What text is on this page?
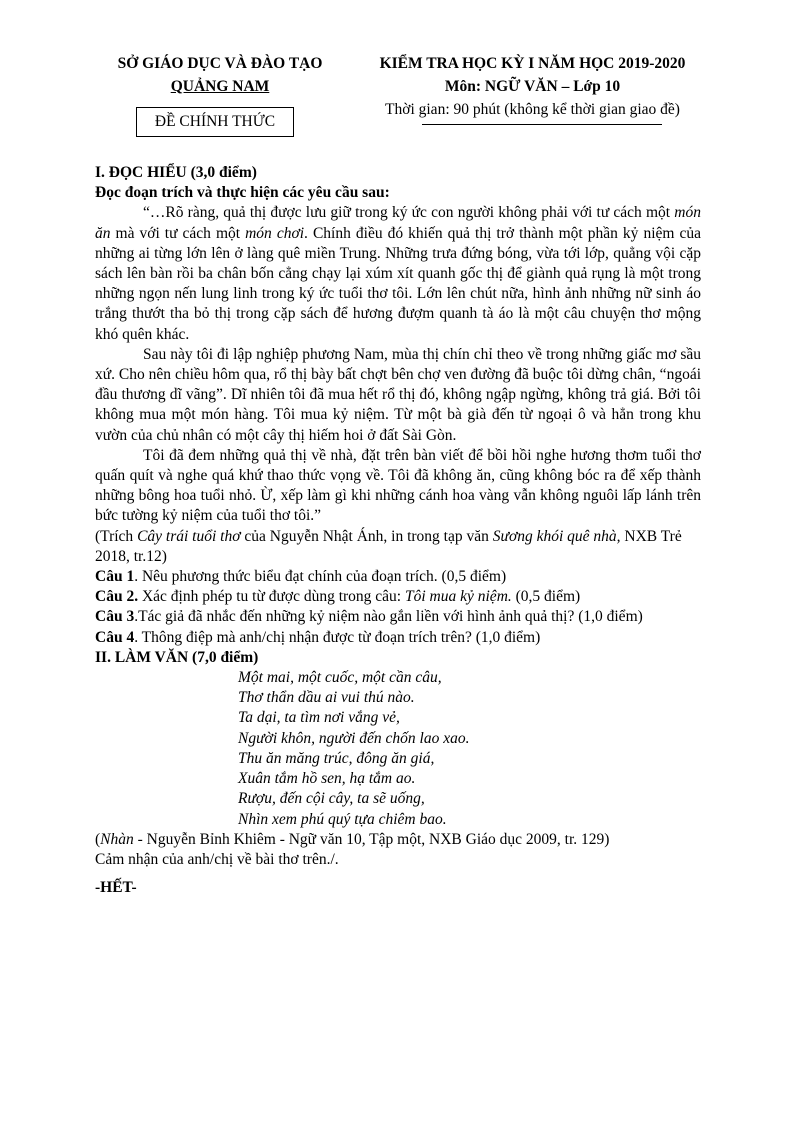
SỞ GIÁO DỤC VÀ ĐÀO TẠO
QUẢNG NAM
ĐỀ CHÍNH THỨC
KIỂM TRA HỌC KỲ I NĂM HỌC 2019-2020
Môn: NGỮ VĂN – Lớp 10
Thời gian: 90 phút (không kể thời gian giao đề)

I. ĐỌC HIỂU (3,0 điểm)

Đọc đoạn trích và thực hiện các yêu cầu sau:

“…Rõ ràng, quả thị được lưu giữ trong ký ức con người không phải với tư cách một món ăn mà với tư cách một món chơi. Chính điều đó khiến quả thị trở thành một phần kỷ niệm của những ai từng lớn lên ở làng quê miền Trung. Những trưa đứng bóng, vừa tới lớp, quẳng vội cặp sách lên bàn rồi ba chân bốn cẳng chạy lại xúm xít quanh gốc thị để giành quả rụng là một trong những ngọn nến lung linh trong ký ức tuổi thơ tôi. Lớn lên chút nữa, hình ảnh những nữ sinh áo trắng thướt tha bỏ thị trong cặp sách để hương đượm quanh tà áo là một câu chuyện thơ mộng khó quên khác.

Sau này tôi đi lập nghiệp phương Nam, mùa thị chín chỉ theo về trong những giấc mơ sầu xứ. Cho nên chiều hôm qua, rổ thị bày bất chợt bên chợ ven đường đã buộc tôi dừng chân, “ngoái đầu thương dĩ vãng”. Dĩ nhiên tôi đã mua hết rổ thị đó, không ngập ngừng, không trả giá. Bởi tôi không mua một món hàng. Tôi mua kỷ niệm. Từ một bà già đến từ ngoại ô và hẳn trong khu vườn của chủ nhân có một cây thị hiếm hoi ở đất Sài Gòn.

Tôi đã đem những quả thị về nhà, đặt trên bàn viết để bồi hồi nghe hương thơm tuổi thơ quấn quít và nghe quá khứ thao thức vọng về. Tôi đã không ăn, cũng không bóc ra để xếp thành những bông hoa tuổi nhỏ. Ừ, xếp làm gì khi những cánh hoa vàng vẫn không nguôi lấp lánh trên bức tường kỷ niệm của tuổi thơ tôi.”

(Trích Cây trái tuổi thơ của Nguyễn Nhật Ánh, in trong tạp văn Sương khói quê nhà, NXB Trẻ 2018, tr.12)

Câu 1. Nêu phương thức biểu đạt chính của đoạn trích. (0,5 điểm)

Câu 2. Xác định phép tu từ được dùng trong câu: Tôi mua kỷ niệm. (0,5 điểm)

Câu 3.Tác giả đã nhắc đến những kỷ niệm nào gắn liền với hình ảnh quả thị? (1,0 điểm)

Câu 4. Thông điệp mà anh/chị nhận được từ đoạn trích trên? (1,0 điểm)

II. LÀM VĂN (7,0 điểm)

Một mai, một cuốc, một cần câu,
Thơ thẩn dầu ai vui thú nào.
Ta dại, ta tìm nơi vắng vẻ,
Người khôn, người đến chốn lao xao.
Thu ăn măng trúc, đông ăn giá,
Xuân tắm hồ sen, hạ tắm ao.
Rượu, đến cội cây, ta sẽ uống,
Nhìn xem phú quý tựa chiêm bao.

(Nhàn - Nguyễn Bỉnh Khiêm - Ngữ văn 10, Tập một, NXB Giáo dục 2009, tr. 129)

Cảm nhận của anh/chị về bài thơ trên./.

-HẾT-
